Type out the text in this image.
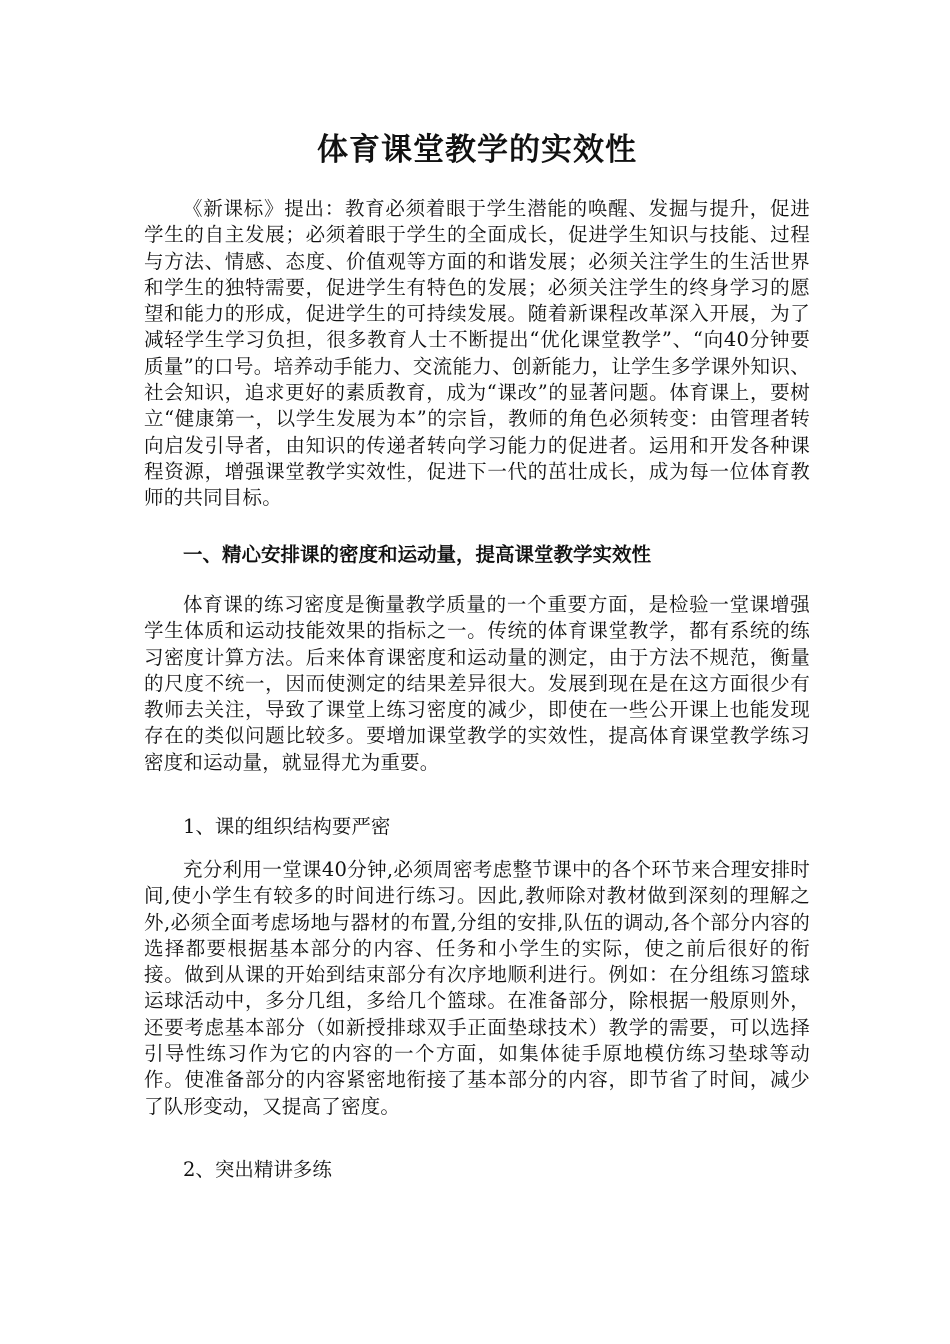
体育课堂教学的实效性

《新课标》提出：教育必须着眼于学生潜能的唤醒、发掘与提升，促进学生的自主发展；必须着眼于学生的全面成长，促进学生知识与技能、过程与方法、情感、态度、价值观等方面的和谐发展；必须关注学生的生活世界和学生的独特需要，促进学生有特色的发展；必须关注学生的终身学习的愿望和能力的形成，促进学生的可持续发展。随着新课程改革深入开展，为了减轻学生学习负担，很多教育人士不断提出“优化课堂教学”、“向40分钟要质量”的口号。培养动手能力、交流能力、创新能力，让学生多学课外知识、社会知识，追求更好的素质教育，成为“课改”的显著问题。体育课上，要树立“健康第一，以学生发展为本”的宗旨，教师的角色必须转变：由管理者转向启发引导者，由知识的传递者转向学习能力的促进者。运用和开发各种课程资源，增强课堂教学实效性，促进下一代的茁壮成长，成为每一位体育教师的共同目标。

一、精心安排课的密度和运动量，提高课堂教学实效性

体育课的练习密度是衡量教学质量的一个重要方面，是检验一堂课增强学生体质和运动技能效果的指标之一。传统的体育课堂教学，都有系统的练习密度计算方法。后来体育课密度和运动量的测定，由于方法不规范，衡量的尺度不统一，因而使测定的结果差异很大。发展到现在是在这方面很少有教师去关注，导致了课堂上练习密度的减少，即使在一些公开课上也能发现存在的类似问题比较多。要增加课堂教学的实效性，提高体育课堂教学练习密度和运动量，就显得尤为重要。

1、课的组织结构要严密

充分利用一堂课40分钟,必须周密考虑整节课中的各个环节来合理安排时间,使小学生有较多的时间进行练习。因此,教师除对教材做到深刻的理解之外,必须全面考虑场地与器材的布置,分组的安排,队伍的调动,各个部分内容的选择都要根据基本部分的内容、任务和小学生的实际，使之前后很好的衔接。做到从课的开始到结束部分有次序地顺利进行。例如：在分组练习篮球运球活动中，多分几组，多给几个篮球。在准备部分，除根据一般原则外，还要考虑基本部分（如新授排球双手正面垫球技术）教学的需要，可以选择引导性练习作为它的内容的一个方面，如集体徒手原地模仿练习垫球等动作。使准备部分的内容紧密地衔接了基本部分的内容，即节省了时间，减少了队形变动，又提高了密度。

2、突出精讲多练
